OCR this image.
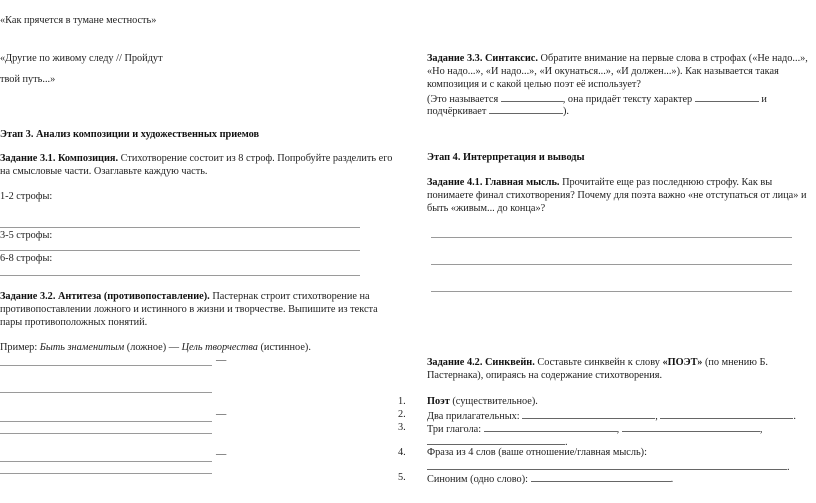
«Как прячется в тумане местность»
«Другие по живому следу // Пройдут
твой путь...»
Этап 3. Анализ композиции и художественных приемов
Задание 3.1. Композиция. Стихотворение состоит из 8 строф. Попробуйте разделить его на смысловые части. Озаглавьте каждую часть.
1-2 строфы:
3-5 строфы:
6-8 строфы:
Задание 3.2. Антитеза (противопоставление). Пастернак строит стихотворение на противопоставлении ложного и истинного в жизни и творчестве. Выпишите из текста пары противоположных понятий.
Пример: Быть знаменитым (ложное) — Цель творчества (истинное).
—
—
—
Задание 3.3. Синтаксис. Обратите внимание на первые слова в строфах («Не надо...», «Но надо...», «И надо...», «И окунаться...», «И должен...»). Как называется такая композиция и с какой целью поэт её использует?
(Это называется	, она придаёт тексту характер	и
подчёркивает	).
Этап 4. Интерпретация и выводы
Задание 4.1. Главная мысль. Прочитайте еще раз последнюю строфу. Как вы понимаете финал стихотворения? Почему для поэта важно «не отступаться от лица» и быть «живым... до конца»?
Задание 4.2. Синквейн. Составьте синквейн к слову «ПОЭТ» (по мнению Б. Пастернака), опираясь на содержание стихотворения.
1. Поэт (существительное).
2. Два прилагательных:	,	.
3. Три глагола:	,	,
.
4. Фраза из 4 слов (ваше отношение/главная мысль):
.
5. Синоним (одно слово):	.
